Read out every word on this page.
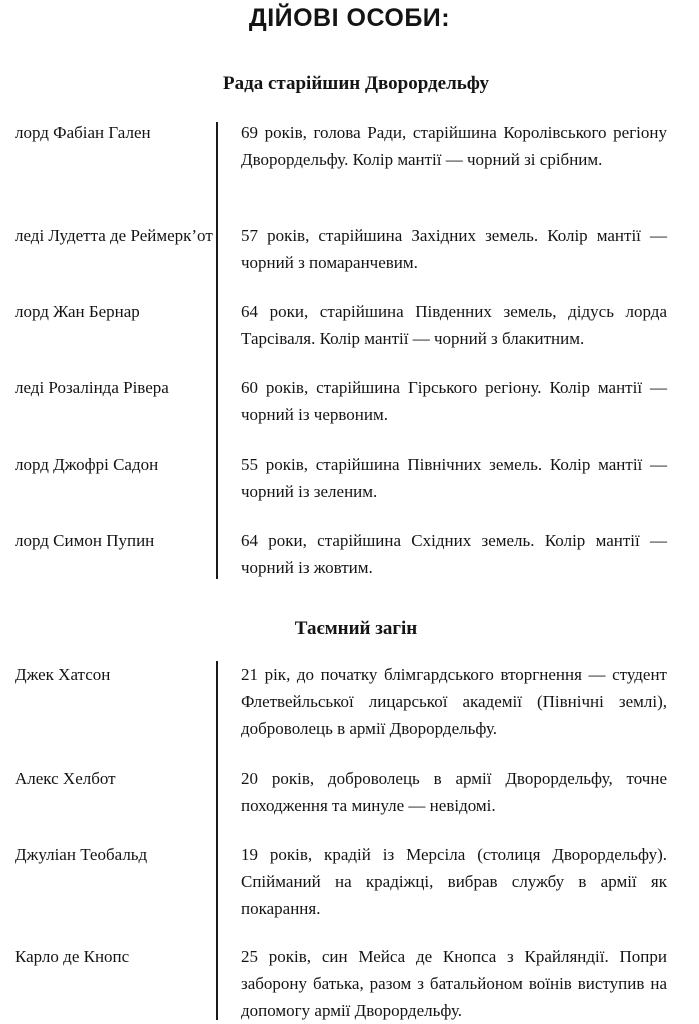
ДІЙОВІ ОСОБИ:
Рада старійшин Дворордельфу
лорд Фабіан Гален	69 років, голова Ради, старійшина Королівського регіону Дворордельфу. Колір мантії — чорний зі срібним.
леді Лудетта де Реймерк’от 57 років, старійшина Західних земель. Колір мантії — чорний з помаранчевим.
лорд Жан Бернар	64 роки, старійшина Південних земель, дідусь лорда Тарсіваля. Колір мантії — чорний з блакитним.
леді Розалінда Рівера	60 років, старійшина Гірського регіону. Колір мантії — чорний із червоним.
лорд Джофрі Садон	55 років, старійшина Північних земель. Колір мантії — чорний із зеленим.
лорд Симон Пупин	64 роки, старійшина Східних земель. Колір мантії — чорний із жовтим.
Таємний загін
Джек Хатсон	21 рік, до початку блімгардського вторгнення — студент Флетвейльської лицарської академії (Північні землі), доброволець в армії Дворордельфу.
Алекс Хелбот	20 років, доброволець в армії Дворордельфу, точне походження та минуле — невідомі.
Джуліан Теобальд	19 років, крадій із Мерсіла (столиця Дворордельфу). Спійманий на крадіжці, вибрав службу в армії як покарання.
Карло де Кнопс	25 років, син Мейса де Кнопса з Крайляндії. Попри заборону батька, разом з батальйоном воїнів виступив на допомогу армії Дворордельфу.
